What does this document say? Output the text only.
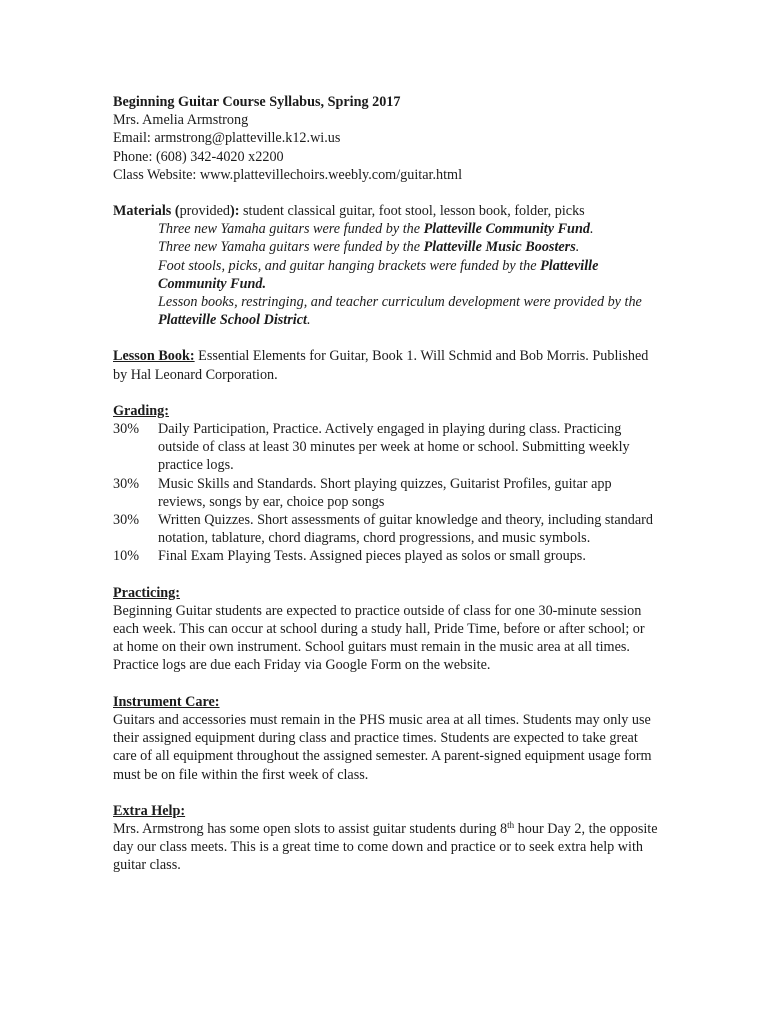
Beginning Guitar Course Syllabus, Spring 2017

Mrs. Amelia Armstrong

Email: armstrong@platteville.k12.wi.us

Phone: (608) 342-4020 x2200

Class Website: www.plattevillechoirs.weebly.com/guitar.html

Materials (provided): student classical guitar, foot stool, lesson book, folder, picks

Three new Yamaha guitars were funded by the Platteville Community Fund.

Three new Yamaha guitars were funded by the Platteville Music Boosters.

Foot stools, picks, and guitar hanging brackets were funded by the Platteville Community Fund.

Lesson books, restringing, and teacher curriculum development were provided by the Platteville School District.

Lesson Book: Essential Elements for Guitar, Book 1. Will Schmid and Bob Morris. Published by Hal Leonard Corporation.

Grading:

30%	Daily Participation, Practice. Actively engaged in playing during class. Practicing outside of class at least 30 minutes per week at home or school. Submitting weekly practice logs.
30%	Music Skills and Standards. Short playing quizzes, Guitarist Profiles, guitar app reviews, songs by ear, choice pop songs
30%	Written Quizzes. Short assessments of guitar knowledge and theory, including standard notation, tablature, chord diagrams, chord progressions, and music symbols.
10%	Final Exam Playing Tests. Assigned pieces played as solos or small groups.

Practicing:

Beginning Guitar students are expected to practice outside of class for one 30-minute session each week. This can occur at school during a study hall, Pride Time, before or after school; or at home on their own instrument. School guitars must remain in the music area at all times. Practice logs are due each Friday via Google Form on the website.

Instrument Care:

Guitars and accessories must remain in the PHS music area at all times. Students may only use their assigned equipment during class and practice times. Students are expected to take great care of all equipment throughout the assigned semester. A parent-signed equipment usage form must be on file within the first week of class.

Extra Help:

Mrs. Armstrong has some open slots to assist guitar students during 8th hour Day 2, the opposite day our class meets. This is a great time to come down and practice or to seek extra help with guitar class.
